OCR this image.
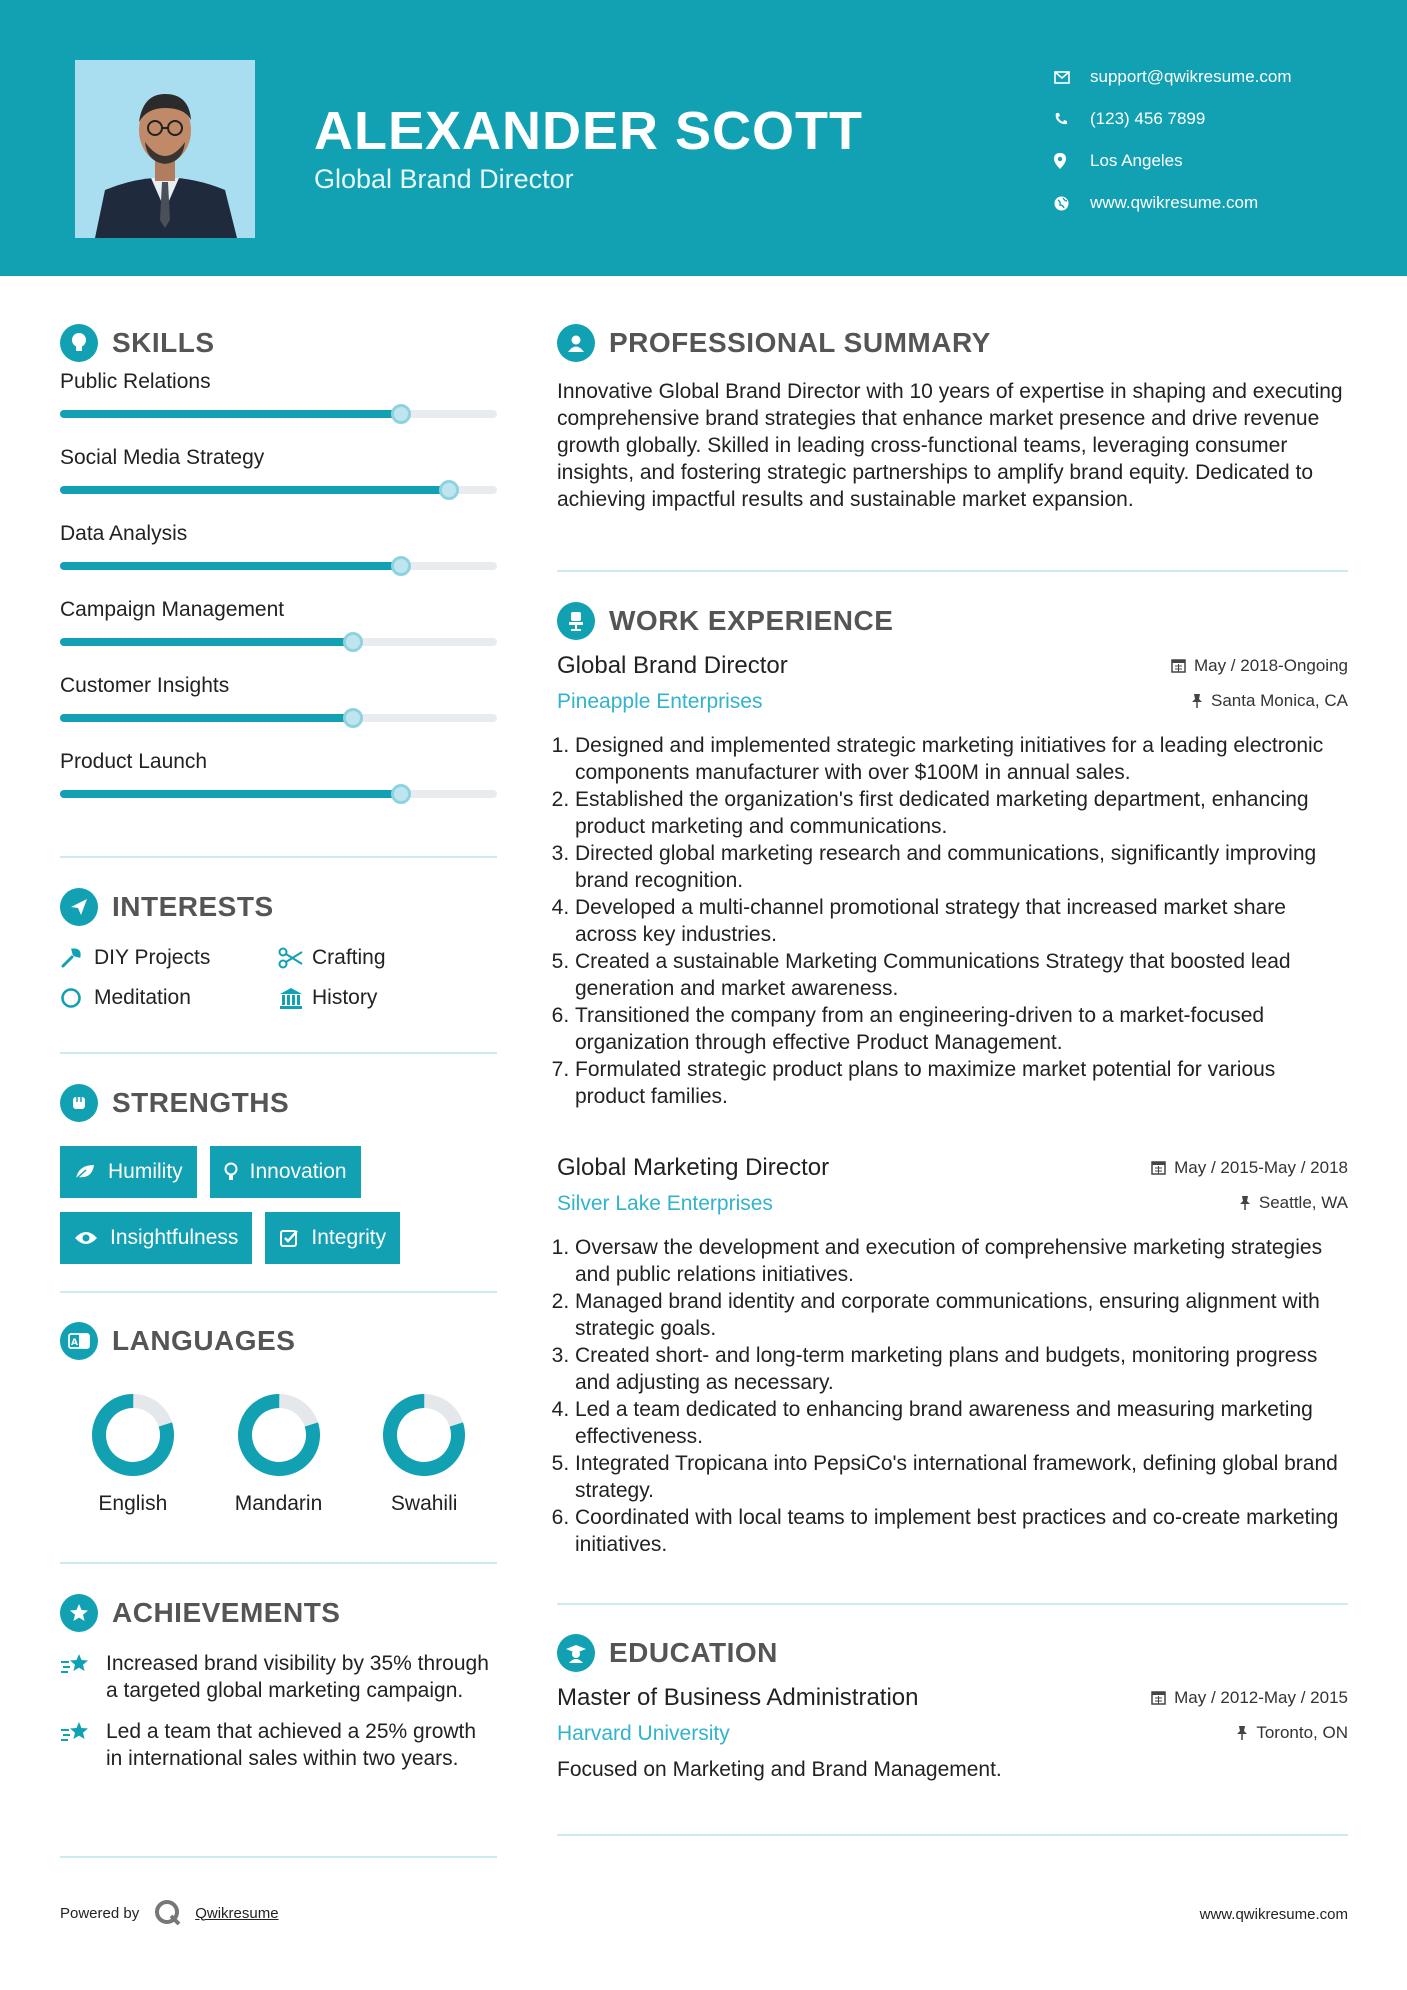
ALEXANDER SCOTT
Global Brand Director
support@qwikresume.com
(123) 456 7899
Los Angeles
www.qwikresume.com
SKILLS
Public Relations
Social Media Strategy
Data Analysis
Campaign Management
Customer Insights
Product Launch
INTERESTS
DIY Projects	Crafting
Meditation	History
STRENGTHS
Humility	Innovation
Insightfulness	Integrity
A LANGUAGES
English	Mandarin	Swahili
ACHIEVEMENTS
Increased brand visibility by 35% through a targeted global marketing campaign.
Led a team that achieved a 25% growth in international sales within two years.
PROFESSIONAL SUMMARY
Innovative Global Brand Director with 10 years of expertise in shaping and executing comprehensive brand strategies that enhance market presence and drive revenue growth globally. Skilled in leading cross-functional teams, leveraging consumer insights, and fostering strategic partnerships to amplify brand equity. Dedicated to achieving impactful results and sustainable market expansion.
WORK EXPERIENCE
Global Brand Director	May / 2018-Ongoing
Pineapple Enterprises	Santa Monica, CA
1. Designed and implemented strategic marketing initiatives for a leading electronic components manufacturer with over $100M in annual sales.
2. Established the organization's first dedicated marketing department, enhancing product marketing and communications.
3. Directed global marketing research and communications, significantly improving brand recognition.
4. Developed a multi-channel promotional strategy that increased market share across key industries.
5. Created a sustainable Marketing Communications Strategy that boosted lead generation and market awareness.
6. Transitioned the company from an engineering-driven to a market-focused organization through effective Product Management.
7. Formulated strategic product plans to maximize market potential for various product families.
Global Marketing Director	May / 2015-May / 2018
Silver Lake Enterprises	Seattle, WA
1. Oversaw the development and execution of comprehensive marketing strategies and public relations initiatives.
2. Managed brand identity and corporate communications, ensuring alignment with strategic goals.
3. Created short- and long-term marketing plans and budgets, monitoring progress and adjusting as necessary.
4. Led a team dedicated to enhancing brand awareness and measuring marketing effectiveness.
5. Integrated Tropicana into PepsiCo's international framework, defining global brand strategy.
6. Coordinated with local teams to implement best practices and co-create marketing initiatives.
EDUCATION
Master of Business Administration	May / 2012-May / 2015
Harvard University	Toronto, ON
Focused on Marketing and Brand Management.
Powered by	Qwikresume	www.qwikresume.com
